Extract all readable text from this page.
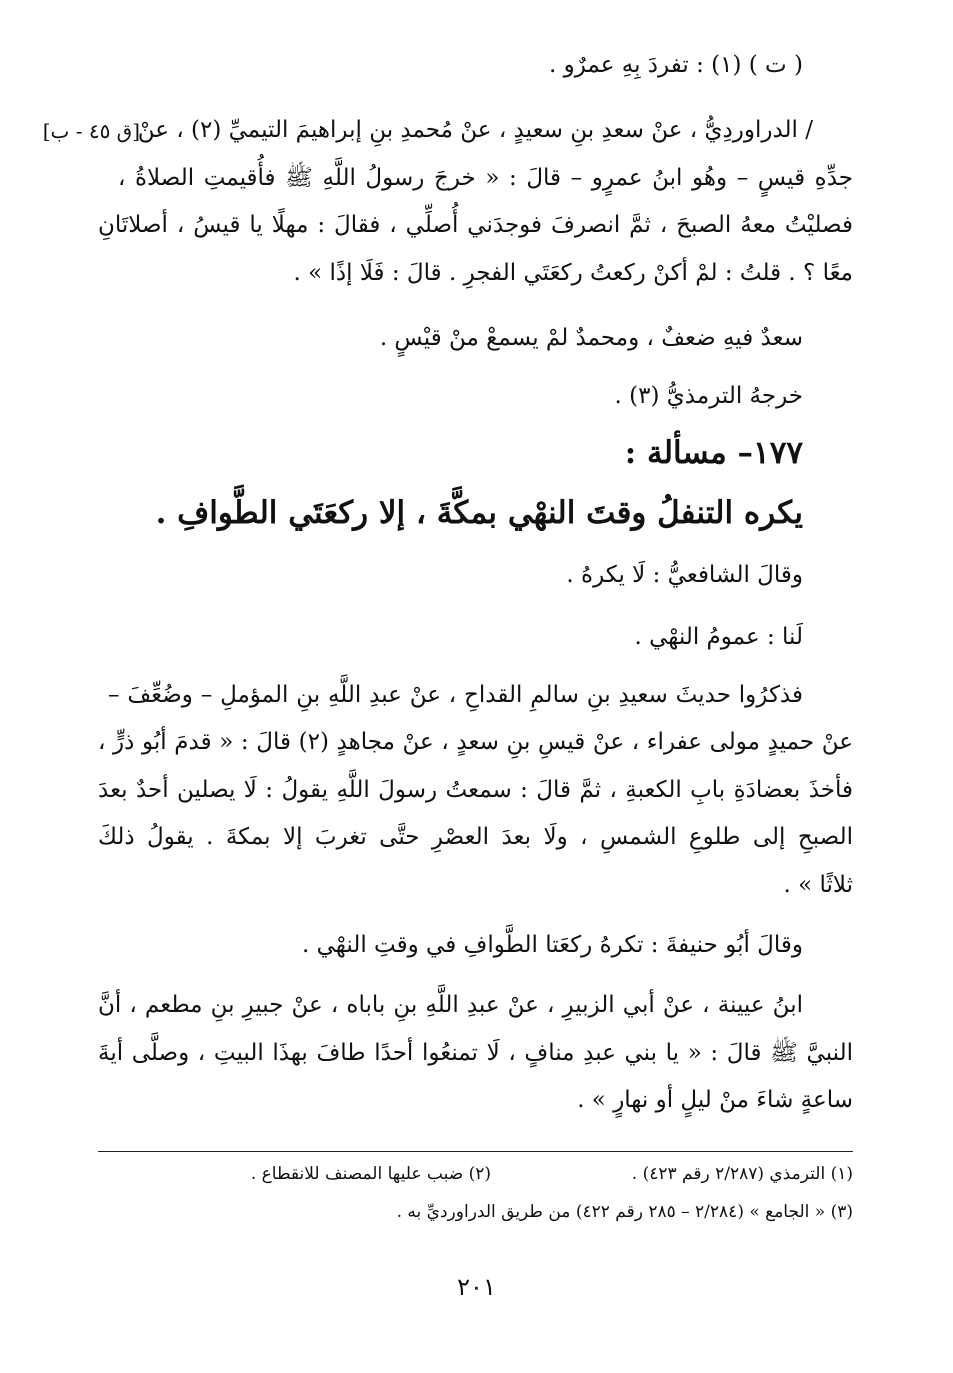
( ت ) (١) : تفردَ بِهِ عمرٌو .
/ الدراوردِيُّ ، عنْ سعدِ بنِ سعيدٍ ، عنْ مُحمدِ بنِ إبراهيمَ التيميِّ (٢) ، عنْ
[ق ٤٥ - ب]
جدِّهِ قيسٍ – وهُو ابنُ عمرٍو – قالَ : « خرجَ رسولُ اللَّهِ ﷺ فأُقيمتِ الصلاةُ ،
فصليْتُ معهُ الصبحَ ، ثمَّ انصرفَ فوجدَني أُصلِّي ، فقالَ : مهلًا يا قيسُ ، أصلاتَانِ
معًا ؟ . قلتُ : لمْ أكنْ ركعتُ ركعَتَي الفجرِ . قالَ : فَلَا إذًا » .
سعدٌ فيهِ ضعفٌ ، ومحمدٌ لمْ يسمعْ منْ قيْسٍ .
خرجهُ الترمذيُّ (٣) .
١٧٧– مسألة :
يكره التنفلُ وقتَ النهْي بمكَّةَ ، إلا ركعَتَي الطَّوافِ .
وقالَ الشافعيُّ : لَا يكرهُ .
لَنا : عمومُ النهْي .
فذكرُوا حديثَ سعيدِ بنِ سالمِ القداحِ ، عنْ عبدِ اللَّهِ بنِ المؤملِ – وضُعِّفَ –
عنْ حميدٍ مولى عفراء ، عنْ قيسِ بنِ سعدٍ ، عنْ مجاهدٍ (٢) قالَ : « قدمَ أبُو ذرٍّ ،
فأخذَ بعضادَةِ بابِ الكعبةِ ، ثمَّ قالَ : سمعتُ رسولَ اللَّهِ يقولُ : لَا يصلين أحدٌ بعدَ
الصبحِ إلى طلوعِ الشمسِ ، ولَا بعدَ العصْرِ حتَّى تغربَ إلا بمكةَ . يقولُ ذلكَ
ثلاثًا » .
وقالَ أبُو حنيفةَ : تكرهُ ركعَتا الطَّوافِ في وقتِ النهْي .
ابنُ عيينة ، عنْ أبي الزبيرِ ، عنْ عبدِ اللَّهِ بنِ باباه ، عنْ جبيرِ بنِ مطعم ، أنَّ
النبيَّ ﷺ قالَ : « يا بني عبدِ منافٍ ، لَا تمنعُوا أحدًا طافَ بهذَا البيتِ ، وصلَّى أيةَ
ساعةٍ شاءَ منْ ليلٍ أو نهارٍ » .
(١) الترمذي (٢/٢٨٧ رقم ٤٢٣) .
(٢) ضبب عليها المصنف للانقطاع .
(٣) « الجامع » (٢/٢٨٤ – ٢٨٥ رقم ٤٢٢) من طريق الدراورديِّ به .
٢٠١
